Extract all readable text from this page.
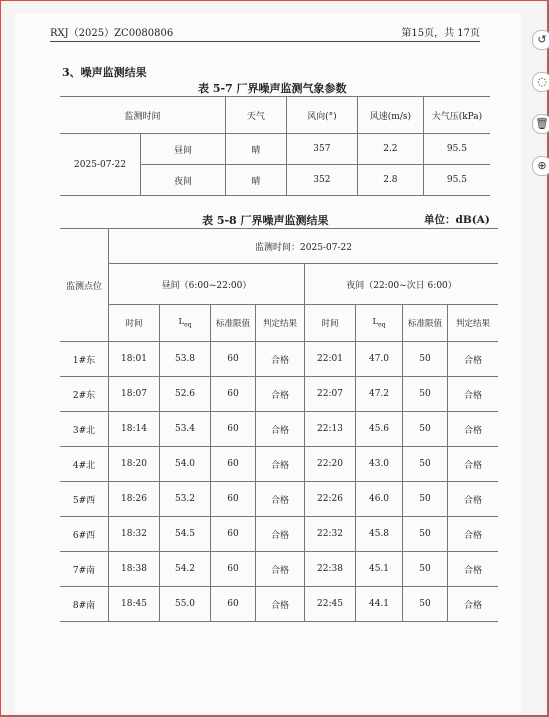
RXJ（2025）ZC0080806	第15页，共 17页
3、噪声监测结果
表 5-7 厂界噪声监测气象参数
监测时间		天气	风向(°)	风速(m/s)	大气压(kPa)
2025-07-22	昼间	晴	357	2.2	95.5
	夜间	晴	352	2.8	95.5
表 5-8 厂界噪声监测结果	单位：dB(A)
监测点位	监测时间：2025-07-22							
	昼间（6:00~22:00）				夜间（22:00~次日 6:00）			
	时间	$L_{eq}$	标准限值	判定结果	时间	$L_{eq}$	标准限值	判定结果
1#东	18:01	53.8	60	合格	22:01	47.0	50	合格
2#东	18:07	52.6	60	合格	22:07	47.2	50	合格
3#北	18:14	53.4	60	合格	22:13	45.6	50	合格
4#北	18:20	54.0	60	合格	22:20	43.0	50	合格
5#西	18:26	53.2	60	合格	22:26	46.0	50	合格
6#西	18:32	54.5	60	合格	22:32	45.8	50	合格
7#南	18:38	54.2	60	合格	22:38	45.1	50	合格
8#南	18:45	55.0	60	合格	22:45	44.1	50	合格
↺
◌
🗑
⊕
